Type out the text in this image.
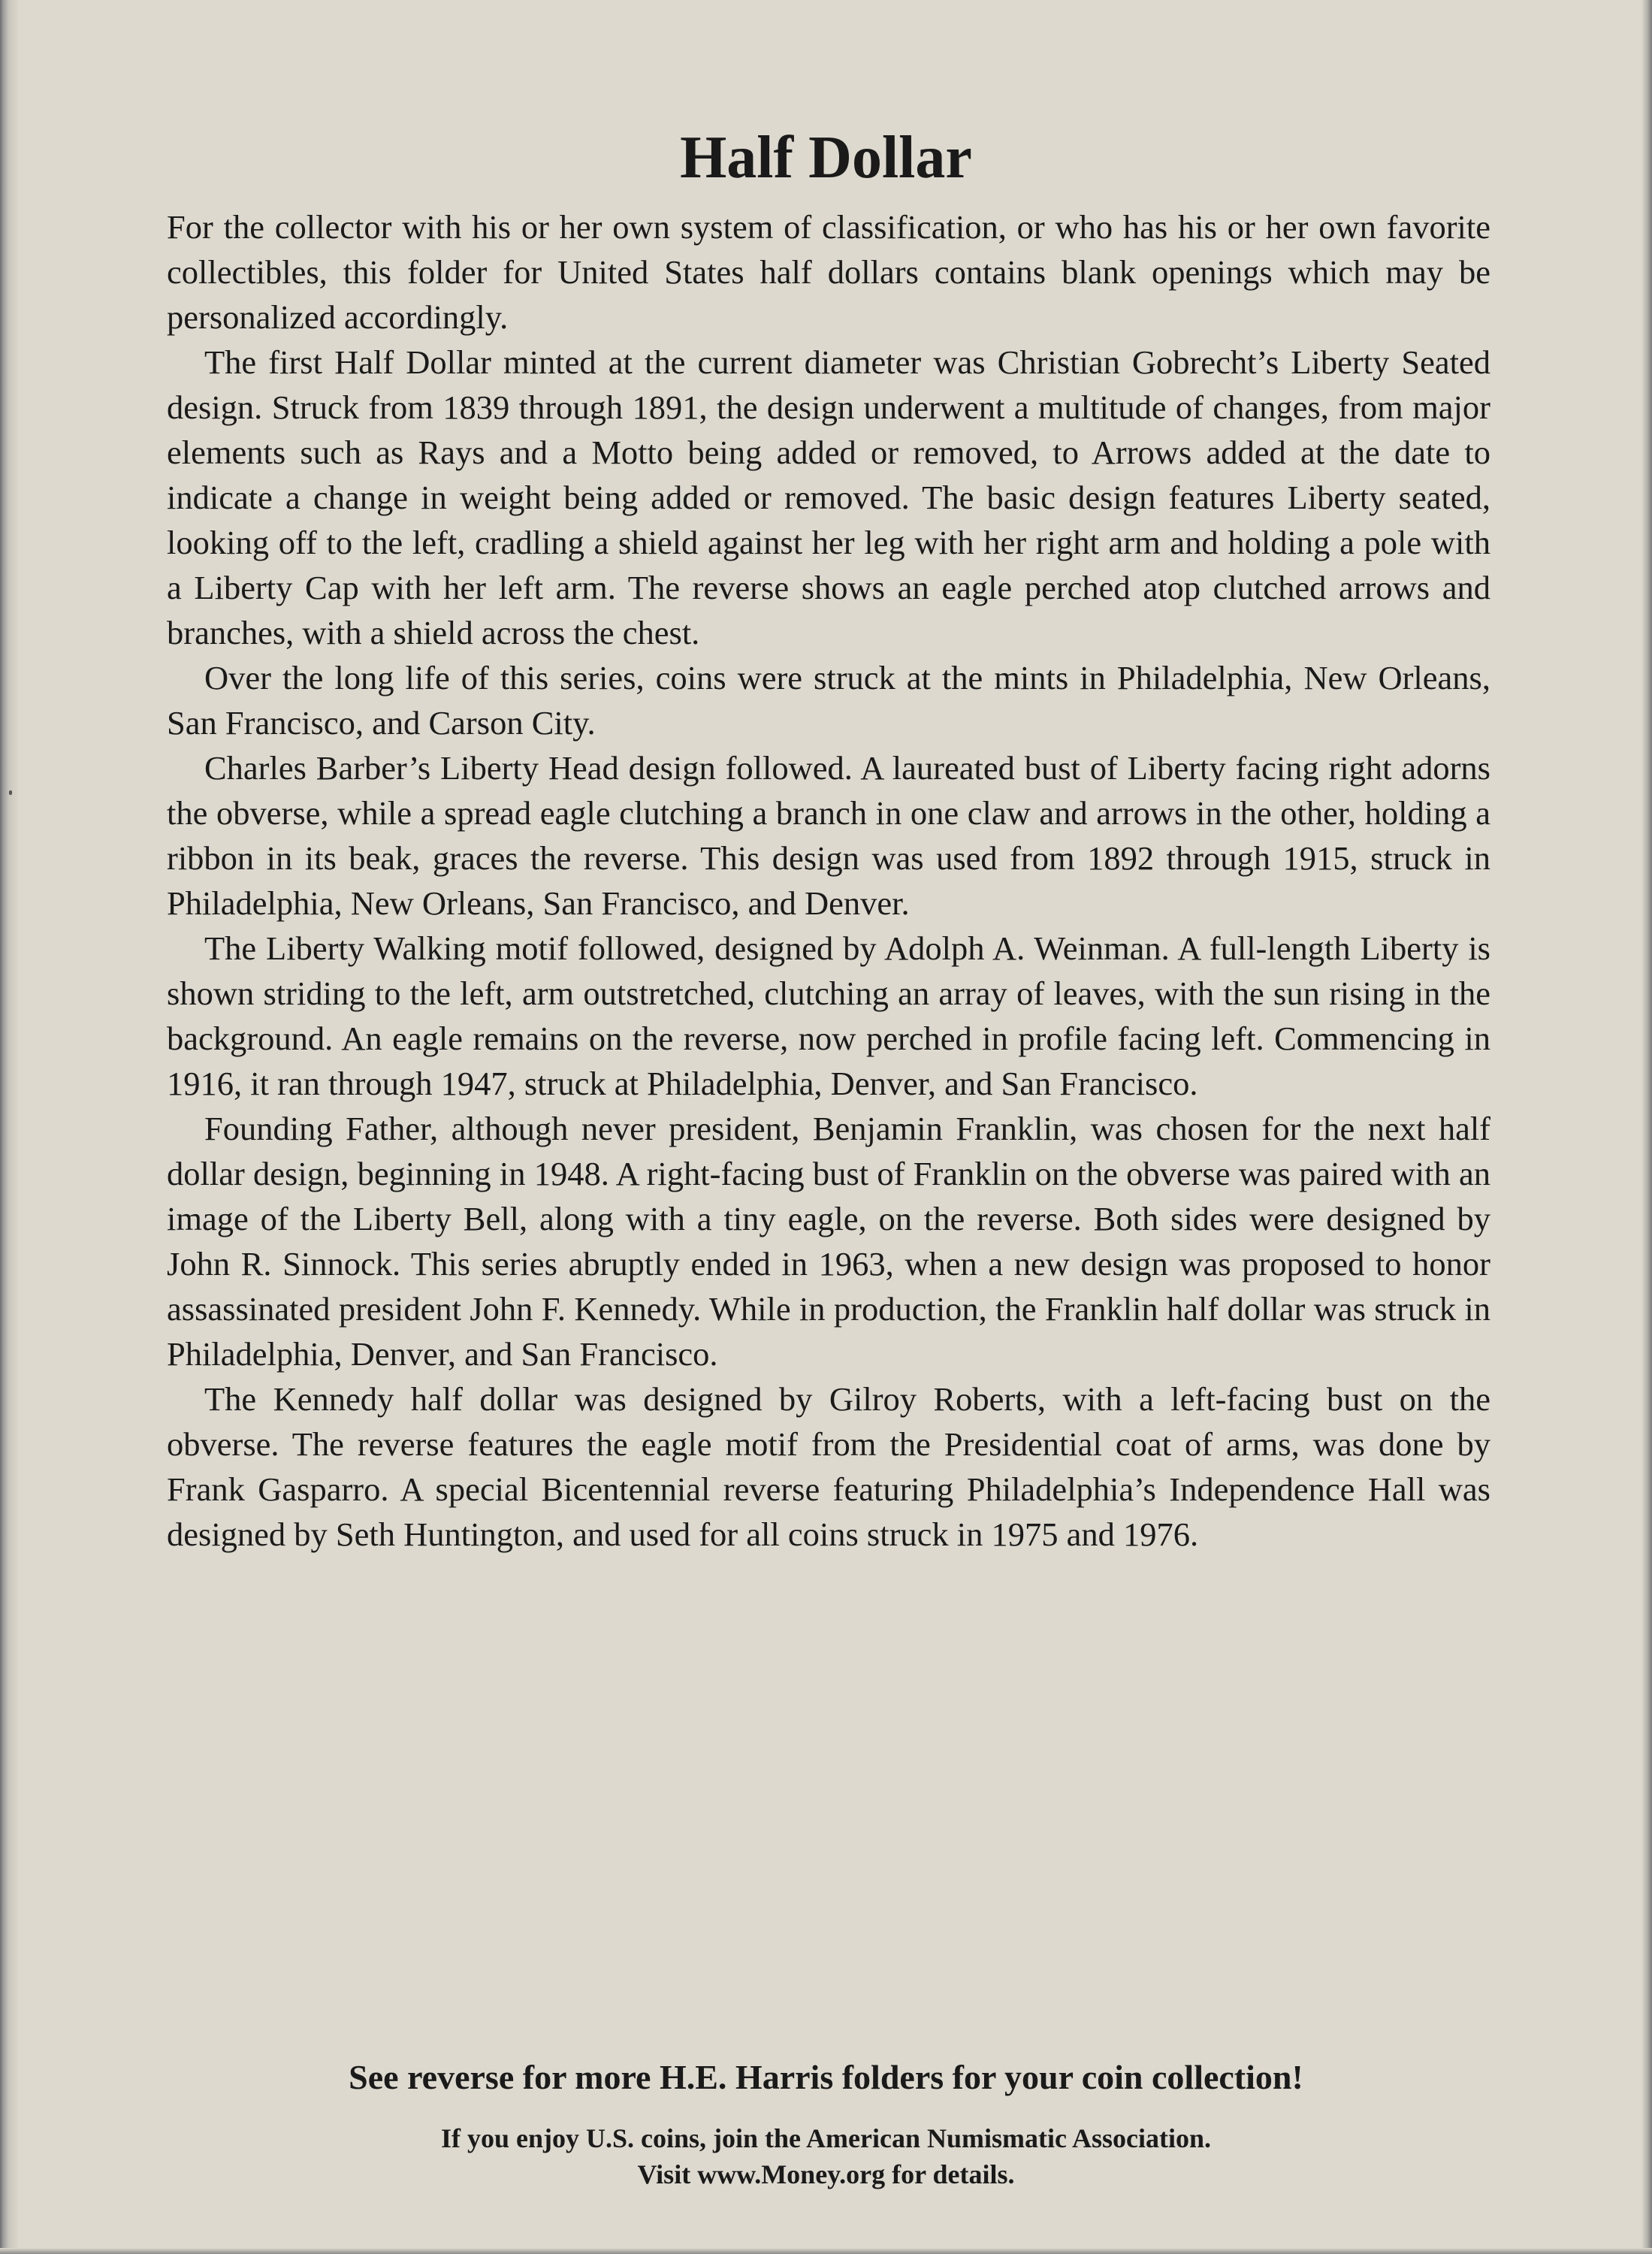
Half Dollar

For the collector with his or her own system of classification, or who has his or her own favorite collectibles, this folder for United States half dollars contains blank openings which may be personalized accordingly.

The first Half Dollar minted at the current diameter was Christian Gobrecht’s Liberty Seated design. Struck from 1839 through 1891, the design underwent a multitude of changes, from major elements such as Rays and a Motto being added or removed, to Arrows added at the date to indicate a change in weight being added or removed. The basic design features Liberty seated, looking off to the left, cradling a shield against her leg with her right arm and holding a pole with a Liberty Cap with her left arm. The reverse shows an eagle perched atop clutched arrows and branches, with a shield across the chest.

Over the long life of this series, coins were struck at the mints in Philadelphia, New Orleans, San Francisco, and Carson City.

Charles Barber’s Liberty Head design followed. A laureated bust of Liberty facing right adorns the obverse, while a spread eagle clutching a branch in one claw and arrows in the other, holding a ribbon in its beak, graces the reverse. This design was used from 1892 through 1915, struck in Philadelphia, New Orleans, San Francisco, and Denver.

The Liberty Walking motif followed, designed by Adolph A. Weinman. A full-length Liberty is shown striding to the left, arm outstretched, clutching an array of leaves, with the sun rising in the background. An eagle remains on the reverse, now perched in profile facing left. Commencing in 1916, it ran through 1947, struck at Philadelphia, Denver, and San Francisco.

Founding Father, although never president, Benjamin Franklin, was chosen for the next half dollar design, beginning in 1948. A right-facing bust of Franklin on the obverse was paired with an image of the Liberty Bell, along with a tiny eagle, on the reverse. Both sides were designed by John R. Sinnock. This series abruptly ended in 1963, when a new design was proposed to honor assassinated president John F. Kennedy. While in production, the Franklin half dollar was struck in Philadelphia, Denver, and San Francisco.

The Kennedy half dollar was designed by Gilroy Roberts, with a left-facing bust on the obverse. The reverse features the eagle motif from the Presidential coat of arms, was done by Frank Gasparro. A special Bicentennial reverse featuring Philadelphia’s Independence Hall was designed by Seth Huntington, and used for all coins struck in 1975 and 1976.

See reverse for more H.E. Harris folders for your coin collection!

If you enjoy U.S. coins, join the American Numismatic Association.
Visit www.Money.org for details.
